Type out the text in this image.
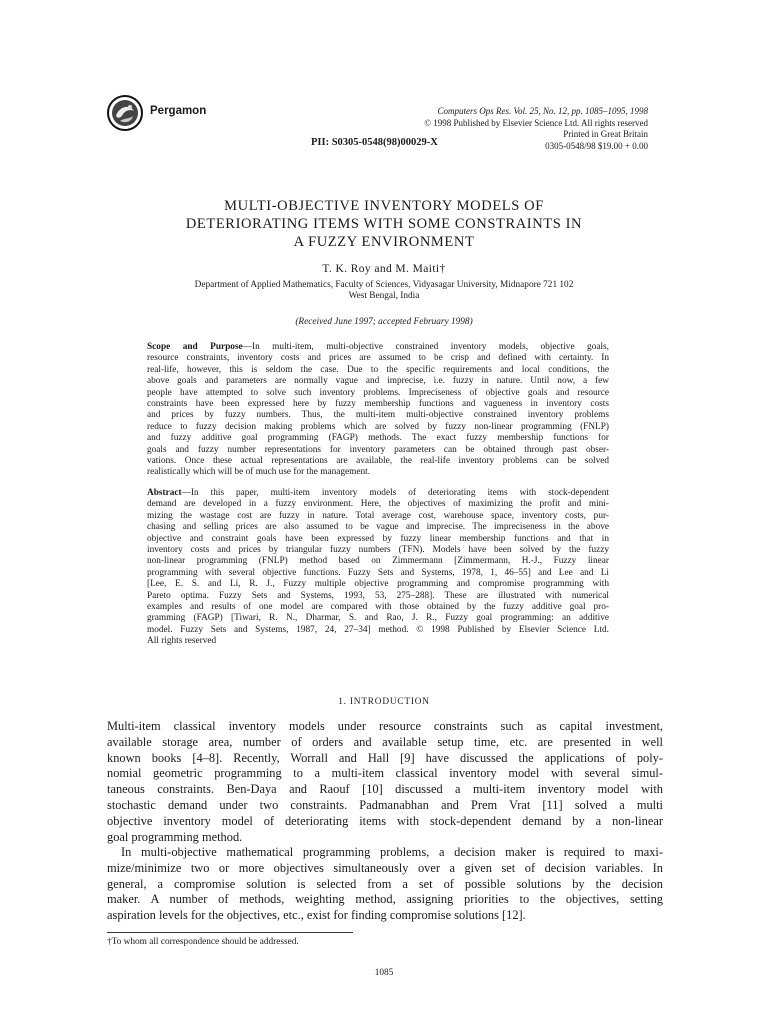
Pergamon
PII: S0305-0548(98)00029-X
Computers Ops Res. Vol. 25, No. 12, pp. 1085–1095, 1998
© 1998 Published by Elsevier Science Ltd. All rights reserved
Printed in Great Britain
0305-0548/98 $19.00 + 0.00
MULTI-OBJECTIVE INVENTORY MODELS OF
DETERIORATING ITEMS WITH SOME CONSTRAINTS IN
A FUZZY ENVIRONMENT
T. K. Roy and M. Maiti†
Department of Applied Mathematics, Faculty of Sciences, Vidyasagar University, Midnapore 721 102
West Bengal, India
(Received June 1997; accepted February 1998)
Scope and Purpose—In multi-item, multi-objective constrained inventory models, objective goals,
resource constraints, inventory costs and prices are assumed to be crisp and defined with certainty. In
real-life, however, this is seldom the case. Due to the specific requirements and local conditions, the
above goals and parameters are normally vague and imprecise, i.e. fuzzy in nature. Until now, a few
people have attempted to solve such inventory problems. Impreciseness of objective goals and resource
constraints have been expressed here by fuzzy membership functions and vagueness in inventory costs
and prices by fuzzy numbers. Thus, the multi-item multi-objective constrained inventory problems
reduce to fuzzy decision making problems which are solved by fuzzy non-linear programming (FNLP)
and fuzzy additive goal programming (FAGP) methods. The exact fuzzy membership functions for
goals and fuzzy number representations for inventory parameters can be obtained through past obser-
vations. Once these actual representations are available, the real-life inventory problems can be solved
realistically which will be of much use for the management.
Abstract—In this paper, multi-item inventory models of deteriorating items with stock-dependent
demand are developed in a fuzzy environment. Here, the objectives of maximizing the profit and mini-
mizing the wastage cost are fuzzy in nature. Total average cost, warehouse space, inventory costs, pur-
chasing and selling prices are also assumed to be vague and imprecise. The impreciseness in the above
objective and constraint goals have been expressed by fuzzy linear membership functions and that in
inventory costs and prices by triangular fuzzy numbers (TFN). Models have been solved by the fuzzy
non-linear programming (FNLP) method based on Zimmermann [Zimmermann, H.-J., Fuzzy linear
programming with several objective functions. Fuzzy Sets and Systems, 1978, 1, 46–55] and Lee and Li
[Lee, E. S. and Li, R. J., Fuzzy multiple objective programming and compromise programming with
Pareto optima. Fuzzy Sets and Systems, 1993, 53, 275–288]. These are illustrated with numerical
examples and results of one model are compared with those obtained by the fuzzy additive goal pro-
gramming (FAGP) [Tiwari, R. N., Dharmar, S. and Rao, J. R., Fuzzy goal programming: an additive
model. Fuzzy Sets and Systems, 1987, 24, 27–34] method. © 1998 Published by Elsevier Science Ltd.
All rights reserved
1. INTRODUCTION
Multi-item classical inventory models under resource constraints such as capital investment,
available storage area, number of orders and available setup time, etc. are presented in well
known books [4–8]. Recently, Worrall and Hall [9] have discussed the applications of poly-
nomial geometric programming to a multi-item classical inventory model with several simul-
taneous constraints. Ben-Daya and Raouf [10] discussed a multi-item inventory model with
stochastic demand under two constraints. Padmanabhan and Prem Vrat [11] solved a multi
objective inventory model of deteriorating items with stock-dependent demand by a non-linear
goal programming method.
In multi-objective mathematical programming problems, a decision maker is required to maxi-
mize/minimize two or more objectives simultaneously over a given set of decision variables. In
general, a compromise solution is selected from a set of possible solutions by the decision
maker. A number of methods, weighting method, assigning priorities to the objectives, setting
aspiration levels for the objectives, etc., exist for finding compromise solutions [12].
†To whom all correspondence should be addressed.
1085
